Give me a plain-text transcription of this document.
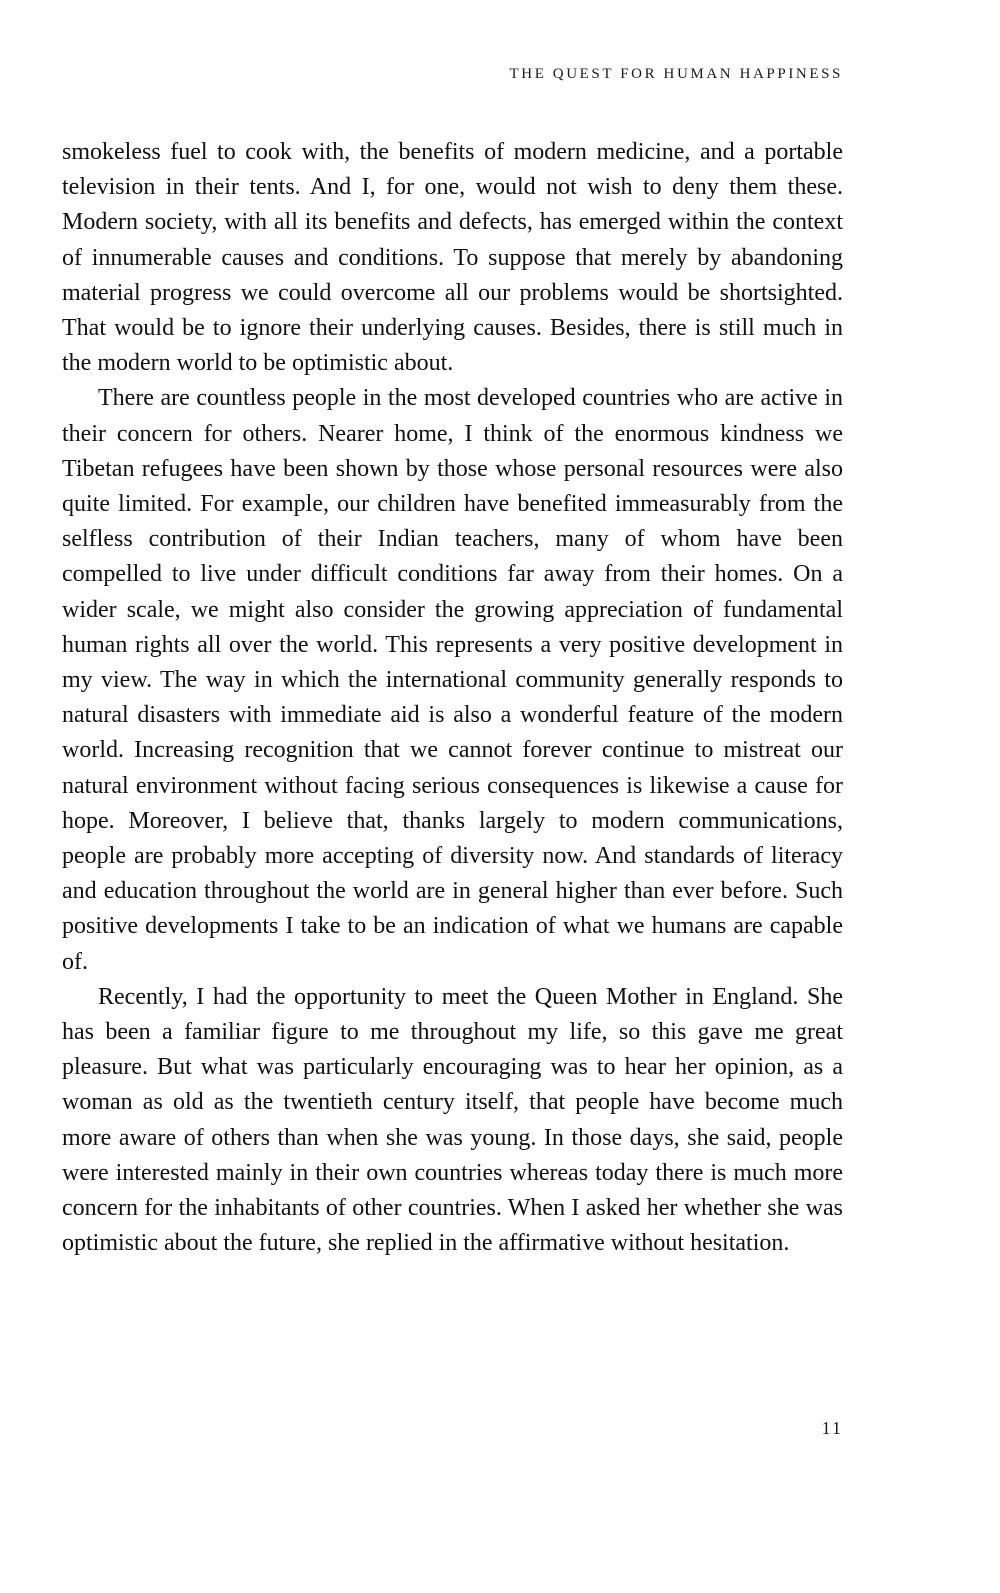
THE QUEST FOR HUMAN HAPPINESS

smokeless fuel to cook with, the benefits of modern medicine, and a portable television in their tents. And I, for one, would not wish to deny them these. Modern society, with all its benefits and defects, has emerged within the context of innumerable causes and conditions. To suppose that merely by abandoning material progress we could overcome all our problems would be shortsighted. That would be to ignore their underlying causes. Besides, there is still much in the modern world to be optimistic about.

There are countless people in the most developed countries who are active in their concern for others. Nearer home, I think of the enormous kindness we Tibetan refugees have been shown by those whose personal resources were also quite limited. For example, our children have benefited immeasurably from the selfless contribution of their Indian teachers, many of whom have been compelled to live under difficult conditions far away from their homes. On a wider scale, we might also consider the growing appreciation of fundamental human rights all over the world. This represents a very positive development in my view. The way in which the international community generally responds to natural disasters with immediate aid is also a wonderful feature of the modern world. Increasing recognition that we cannot forever continue to mistreat our natural environment without facing serious consequences is likewise a cause for hope. Moreover, I believe that, thanks largely to modern communications, people are probably more accepting of diversity now. And standards of literacy and education throughout the world are in general higher than ever before. Such positive developments I take to be an indication of what we humans are capable of.

Recently, I had the opportunity to meet the Queen Mother in England. She has been a familiar figure to me throughout my life, so this gave me great pleasure. But what was particularly encouraging was to hear her opinion, as a woman as old as the twentieth century itself, that people have become much more aware of others than when she was young. In those days, she said, people were interested mainly in their own countries whereas today there is much more concern for the inhabitants of other countries. When I asked her whether she was optimistic about the future, she replied in the affirmative without hesitation.

11
